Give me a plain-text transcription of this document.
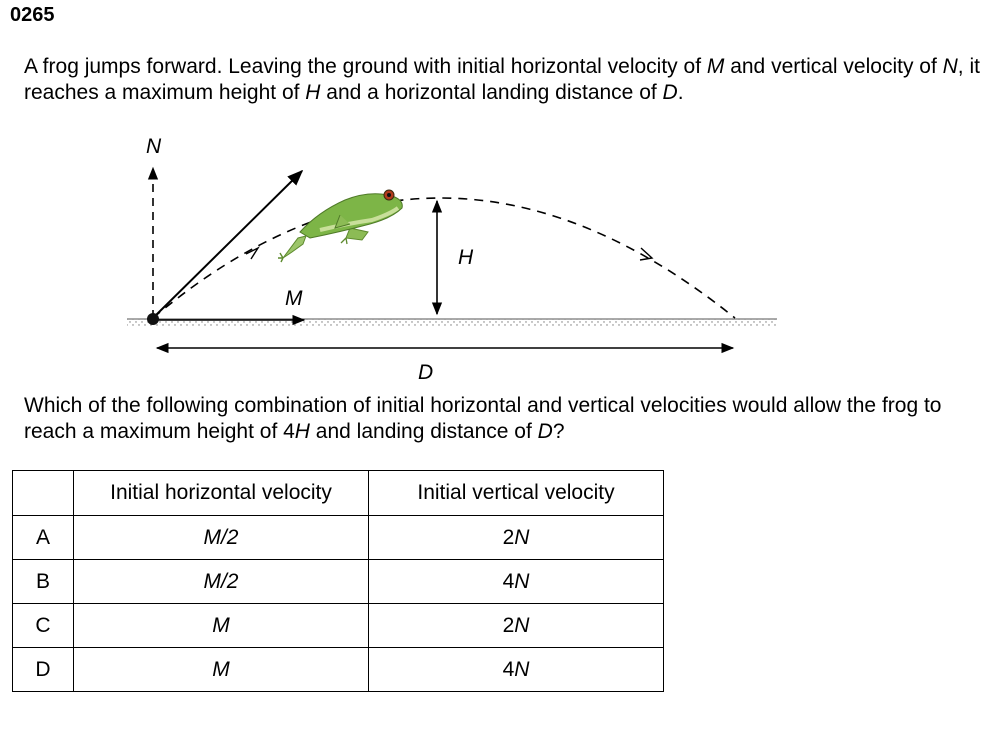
0265
A frog jumps forward. Leaving the ground with initial horizontal velocity of M and vertical velocity of N, it reaches a maximum height of H and a horizontal landing distance of D.
N
M
H
D
Which of the following combination of initial horizontal and vertical velocities would allow the frog to reach a maximum height of 4H and landing distance of D?
	Initial horizontal velocity	Initial vertical velocity
A	M/2	2N
B	M/2	4N
C	M	2N
D	M	4N
